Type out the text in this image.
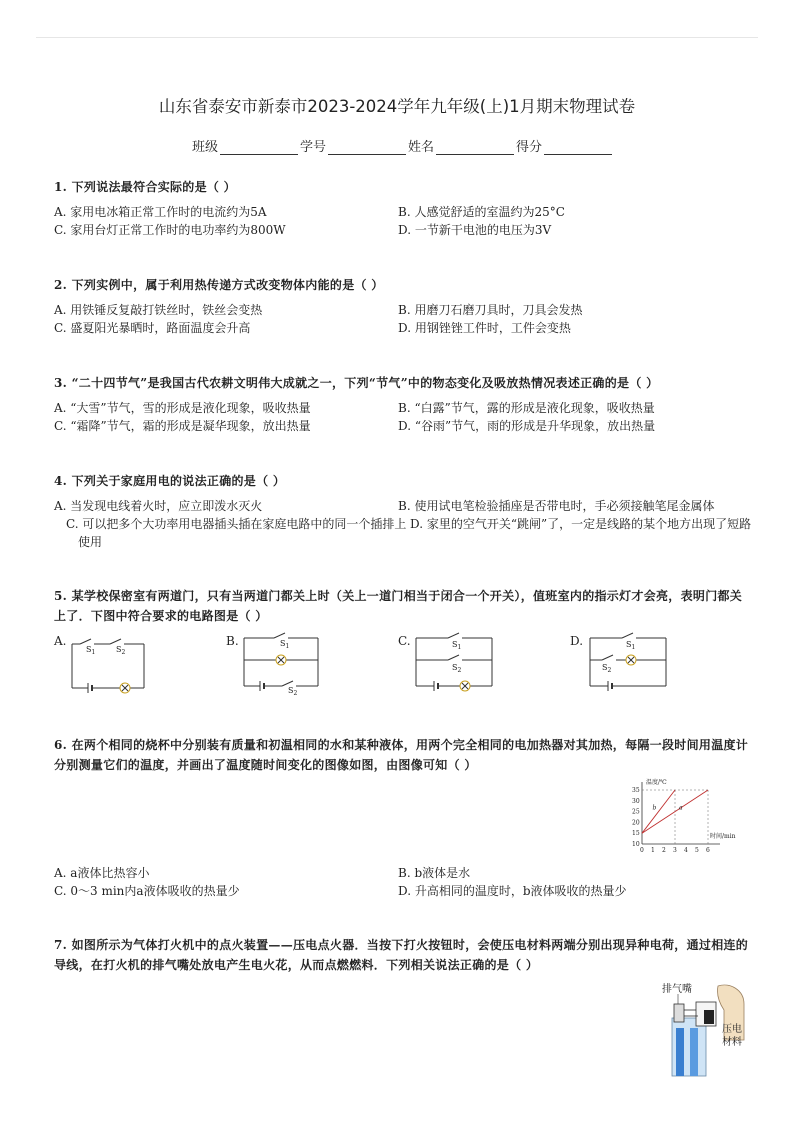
山东省泰安市新泰市2023-2024学年九年级(上)1月期末物理试卷
班级	学号	姓名	得分
1. 下列说法最符合实际的是（ ）
A. 家用电冰箱正常工作时的电流约为5A	B. 人感觉舒适的室温约为25°C
C. 家用台灯正常工作时的电功率约为800W	D. 一节新干电池的电压为3V
2. 下列实例中，属于利用热传递方式改变物体内能的是（ ）
A. 用铁锤反复敲打铁丝时，铁丝会变热	B. 用磨刀石磨刀具时，刀具会发热
C. 盛夏阳光暴晒时，路面温度会升高	D. 用钢锉锉工件时，工件会变热
3. “二十四节气”是我国古代农耕文明伟大成就之一，下列“节气”中的物态变化及吸放热情况表述正确的是（ ）
A. “大雪”节气，雪的形成是液化现象，吸收热量	B. “白露”节气，露的形成是液化现象，吸收热量
C. “霜降”节气，霜的形成是凝华现象，放出热量	D. “谷雨”节气，雨的形成是升华现象，放出热量
4. 下列关于家庭用电的说法正确的是（ ）
A. 当发现电线着火时，应立即泼水灭火	B. 使用试电笔检验插座是否带电时，手必须接触笔尾金属体
C. 可以把多个大功率用电器插头插在家庭电路中的同一个插排上使用
D. 家里的空气开关“跳闸”了，一定是线路的某个地方出现了短路
5. 某学校保密室有两道门，只有当两道门都关上时（关上一道门相当于闭合一个开关），值班室内的指示灯才会亮，表明门都关
上了．下图中符合要求的电路图是（ ）
A.
$S_1$	$S_2$
B.	$S_1$
$S_2$
C.	$S_1$
$S_2$
D.	$S_1$
$S_2$
6. 在两个相同的烧杯中分别装有质量和初温相同的水和某种液体，用两个完全相同的电加热器对其加热，每隔一段时间用温度计
分别测量它们的温度，并画出了温度随时间变化的图像如图，由图像可知（ ）
0 1 2 3 4 5 6
10
15
20
25
30
35
a
b
温度/℃
时间/min
A. a液体比热容小	B. b液体是水
C. 0～3 min内a液体吸收的热量少	D. 升高相同的温度时，b液体吸收的热量少
7. 如图所示为气体打火机中的点火装置——压电点火器．当按下打火按钮时，会使压电材料两端分别出现异种电荷，通过相连的
导线，在打火机的排气嘴处放电产生电火花，从而点燃燃料．下列相关说法正确的是（ ）
排气嘴
压电
材料
